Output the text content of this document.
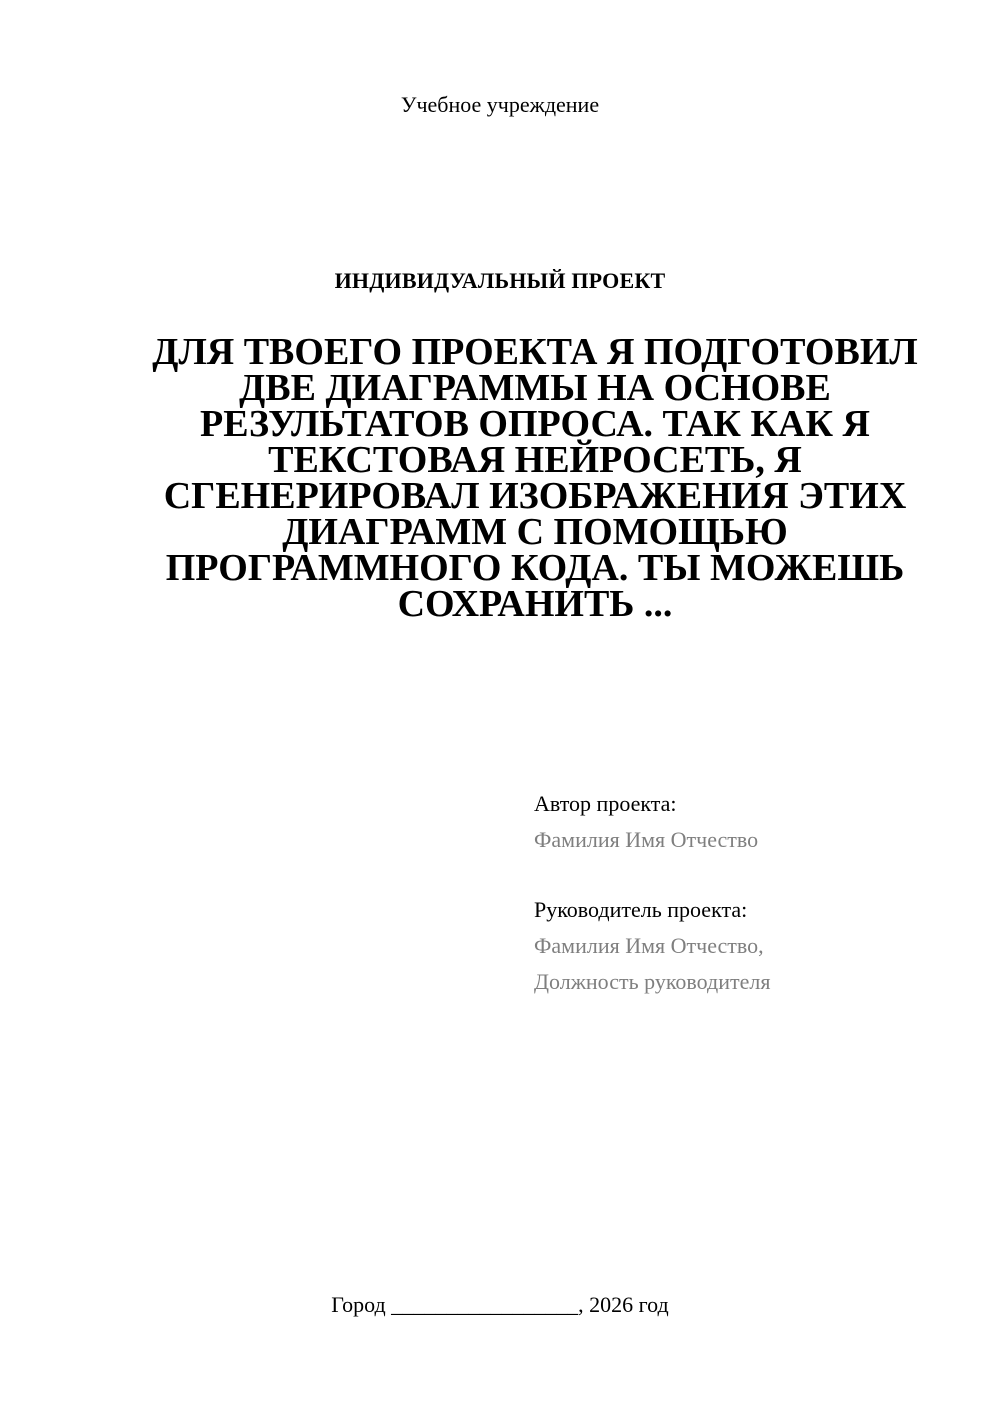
Учебное учреждение
ИНДИВИДУАЛЬНЫЙ ПРОЕКТ
ДЛЯ ТВОЕГО ПРОЕКТА Я ПОДГОТОВИЛ ДВЕ ДИАГРАММЫ НА ОСНОВЕ РЕЗУЛЬТАТОВ ОПРОСА. ТАК КАК Я ТЕКСТОВАЯ НЕЙРОСЕТЬ, Я СГЕНЕРИРОВАЛ ИЗОБРАЖЕНИЯ ЭТИХ ДИАГРАММ С ПОМОЩЬЮ ПРОГРАММНОГО КОДА. ТЫ МОЖЕШЬ СОХРАНИТЬ ...
Автор проекта:
Фамилия Имя Отчество
Руководитель проекта:
Фамилия Имя Отчество,
Должность руководителя
Город _________________, 2026 год
